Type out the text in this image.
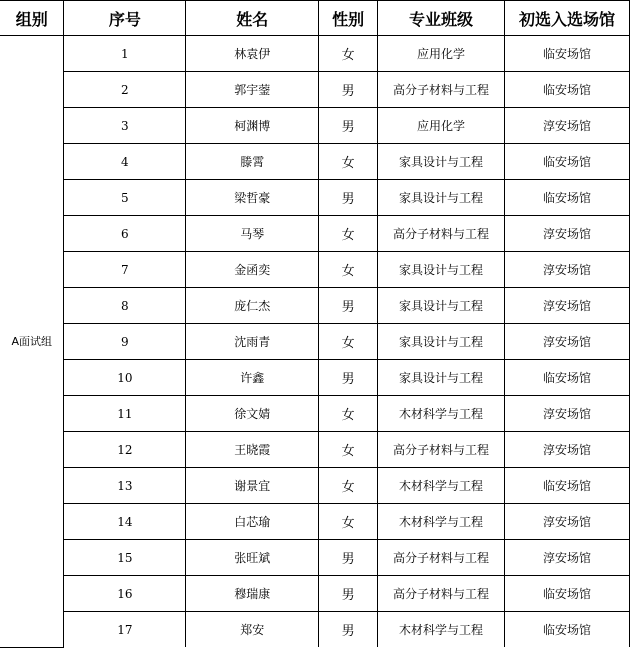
组别	序号	姓名	性别	专业班级	初选入选场馆
A面试组	1	林袁伊	女	应用化学	临安场馆
	2	郭宇蓥	男	高分子材料与工程	临安场馆
	3	柯渊博	男	应用化学	淳安场馆
	4	滕霄	女	家具设计与工程	临安场馆
	5	梁哲豪	男	家具设计与工程	临安场馆
	6	马琴	女	高分子材料与工程	淳安场馆
	7	金函奕	女	家具设计与工程	淳安场馆
	8	庞仁杰	男	家具设计与工程	淳安场馆
	9	沈雨青	女	家具设计与工程	淳安场馆
	10	许鑫	男	家具设计与工程	临安场馆
	11	徐文婧	女	木材科学与工程	淳安场馆
	12	王晓霞	女	高分子材料与工程	淳安场馆
	13	谢景宜	女	木材科学与工程	临安场馆
	14	白芯瑜	女	木材科学与工程	淳安场馆
	15	张旺斌	男	高分子材料与工程	淳安场馆
	16	穆瑞康	男	高分子材料与工程	临安场馆
	17	郑安	男	木材科学与工程	临安场馆
